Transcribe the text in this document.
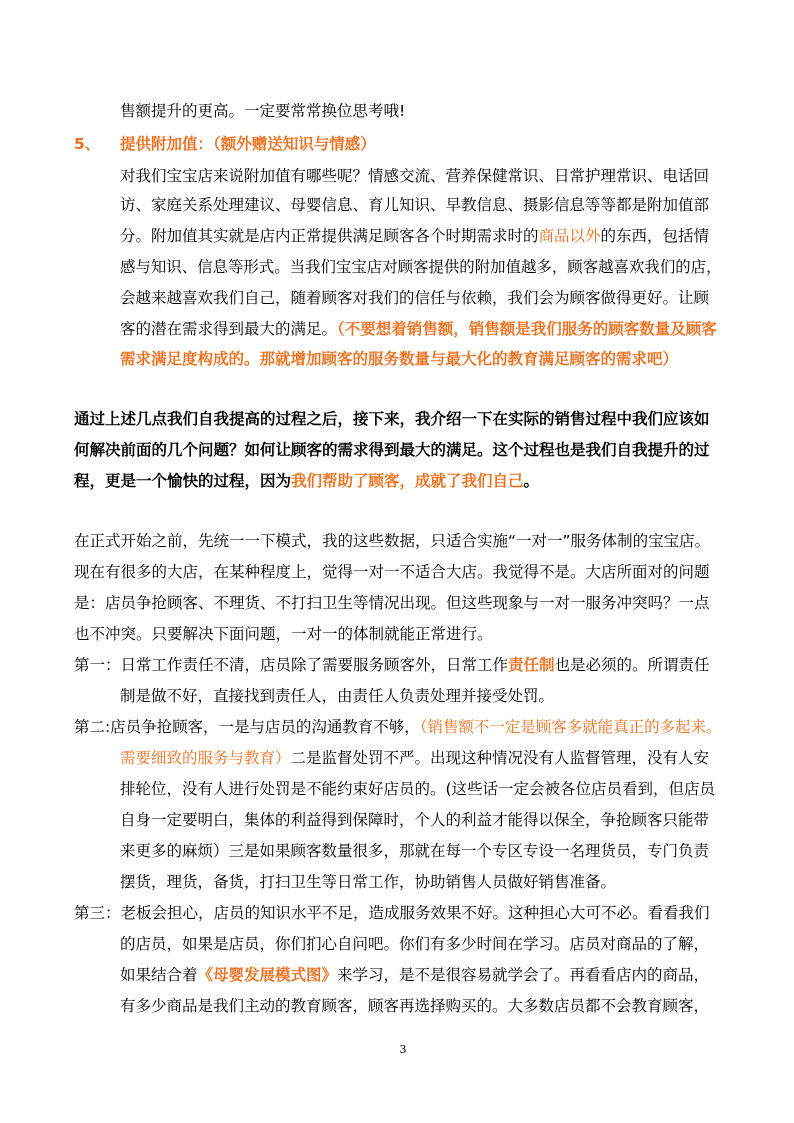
售额提升的更高。一定要常常换位思考哦!
5、 提供附加值：（额外赠送知识与情感）
对我们宝宝店来说附加值有哪些呢？情感交流、营养保健常识、日常护理常识、电话回
访、家庭关系处理建议、母婴信息、育儿知识、早教信息、摄影信息等等都是附加值部
分。附加值其实就是店内正常提供满足顾客各个时期需求时的商品以外的东西，包括情
感与知识、信息等形式。当我们宝宝店对顾客提供的附加值越多，顾客越喜欢我们的店，
会越来越喜欢我们自己，随着顾客对我们的信任与依赖，我们会为顾客做得更好。让顾
客的潜在需求得到最大的满足。（不要想着销售额，销售额是我们服务的顾客数量及顾客
需求满足度构成的。那就增加顾客的服务数量与最大化的教育满足顾客的需求吧）
通过上述几点我们自我提高的过程之后，接下来，我介绍一下在实际的销售过程中我们应该如
何解决前面的几个问题？如何让顾客的需求得到最大的满足。这个过程也是我们自我提升的过
程，更是一个愉快的过程，因为我们帮助了顾客，成就了我们自己。
在正式开始之前，先统一一下模式，我的这些数据，只适合实施“一对一”服务体制的宝宝店。
现在有很多的大店，在某种程度上，觉得一对一不适合大店。我觉得不是。大店所面对的问题
是：店员争抢顾客、不理货、不打扫卫生等情况出现。但这些现象与一对一服务冲突吗？一点
也不冲突。只要解决下面问题，一对一的体制就能正常进行。
第一：日常工作责任不清，店员除了需要服务顾客外，日常工作责任制也是必须的。所谓责任
制是做不好，直接找到责任人，由责任人负责处理并接受处罚。
第二:店员争抢顾客，一是与店员的沟通教育不够，（销售额不一定是顾客多就能真正的多起来。
需要细致的服务与教育）二是监督处罚不严。出现这种情况没有人监督管理，没有人安
排轮位，没有人进行处罚是不能约束好店员的。(这些话一定会被各位店员看到，但店员
自身一定要明白，集体的利益得到保障时，个人的利益才能得以保全，争抢顾客只能带
来更多的麻烦）三是如果顾客数量很多，那就在每一个专区专设一名理货员，专门负责
摆货，理货，备货，打扫卫生等日常工作，协助销售人员做好销售准备。
第三：老板会担心，店员的知识水平不足，造成服务效果不好。这种担心大可不必。看看我们
的店员，如果是店员，你们扪心自问吧。你们有多少时间在学习。店员对商品的了解，
如果结合着《母婴发展模式图》来学习，是不是很容易就学会了。再看看店内的商品，
有多少商品是我们主动的教育顾客，顾客再选择购买的。大多数店员都不会教育顾客，
3
